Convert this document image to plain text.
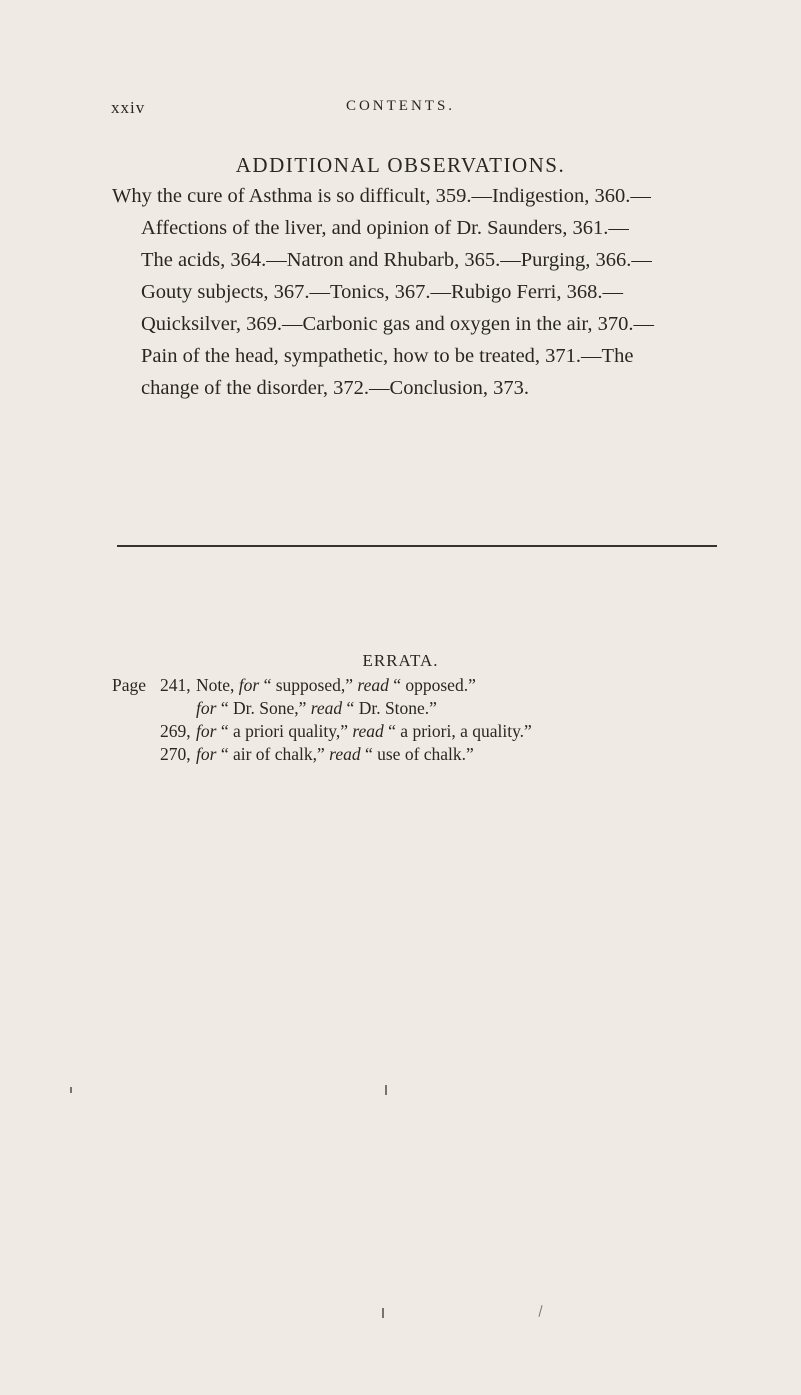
xxiv	CONTENTS.
ADDITIONAL OBSERVATIONS.

Why the cure of Asthma is so difficult, 359.—Indigestion, 360.—
Affections of the liver, and opinion of Dr. Saunders, 361.—
The acids, 364.—Natron and Rhubarb, 365.—Purging, 366.—
Gouty subjects, 367.—Tonics, 367.—Rubigo Ferri, 368.—
Quicksilver, 369.—Carbonic gas and oxygen in the air, 370.—
Pain of the head, sympathetic, how to be treated, 371.—The
change of the disorder, 372.—Conclusion, 373.

ERRATA.
Page 241, Note, for “ supposed,” read “ opposed.”
for “ Dr. Sone,” read “ Dr. Stone.”
269, for “ a priori quality,” read “ a priori, a quality.”
270, for “ air of chalk,” read “ use of chalk.”
